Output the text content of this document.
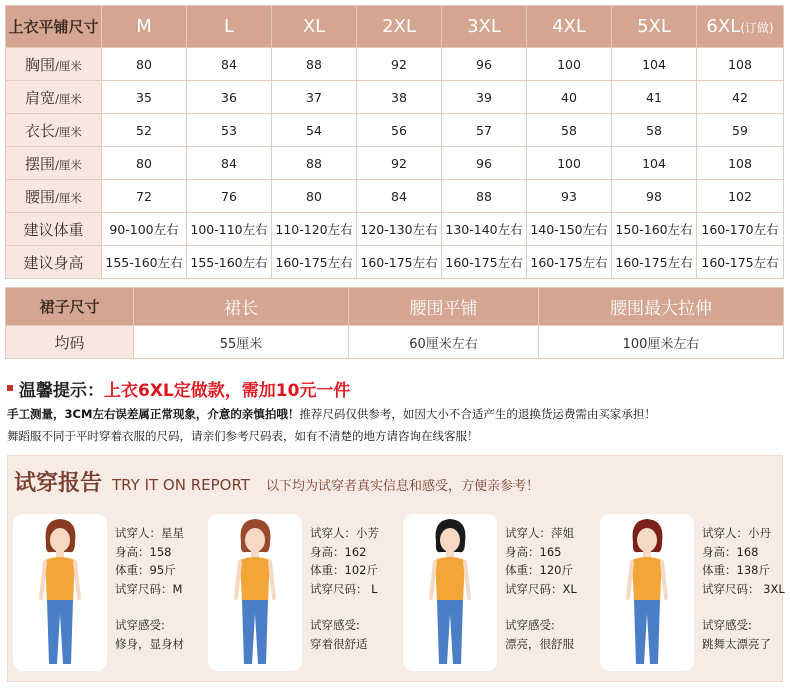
上衣平铺尺寸	M	L	XL	2XL	3XL	4XL	5XL	6XL(订做)
胸围/厘米	80	84	88	92	96	100	104	108
肩宽/厘米	35	36	37	38	39	40	41	42
衣长/厘米	52	53	54	56	57	58	58	59
摆围/厘米	80	84	88	92	96	100	104	108
腰围/厘米	72	76	80	84	88	93	98	102
建议体重	90-100左右	100-110左右	110-120左右	120-130左右	130-140左右	140-150左右	150-160左右	160-170左右
建议身高	155-160左右	155-160左右	160-175左右	160-175左右	160-175左右	160-175左右	160-175左右	160-175左右
裙子尺寸	裙长	腰围平铺	腰围最大拉伸
均码	55厘米	60厘米左右	100厘米左右
温馨提示： 上衣6XL定做款，需加10元一件
手工测量，3CM左右误差属正常现象，介意的亲慎拍哦！推荐尺码仅供参考，如因大小不合适产生的退换货运费需由买家承担！
舞蹈服不同于平时穿着衣服的尺码，请亲们参考尺码表，如有不清楚的地方请咨询在线客服！
试穿报告 TRY IT ON REPORT 以下均为试穿者真实信息和感受，方便亲参考！
试穿人：星星
身高：158
体重：95斤
试穿尺码：M
试穿感受:
修身，显身材
试穿人：小芳
身高：162
体重：102斤
试穿尺码： L
试穿感受:
穿着很舒适
试穿人：萍姐
身高：165
体重：120斤
试穿尺码：XL
试穿感受:
漂亮，很舒服
试穿人：小丹
身高：168
体重：138斤
试穿尺码： 3XL
试穿感受:
跳舞太漂亮了
